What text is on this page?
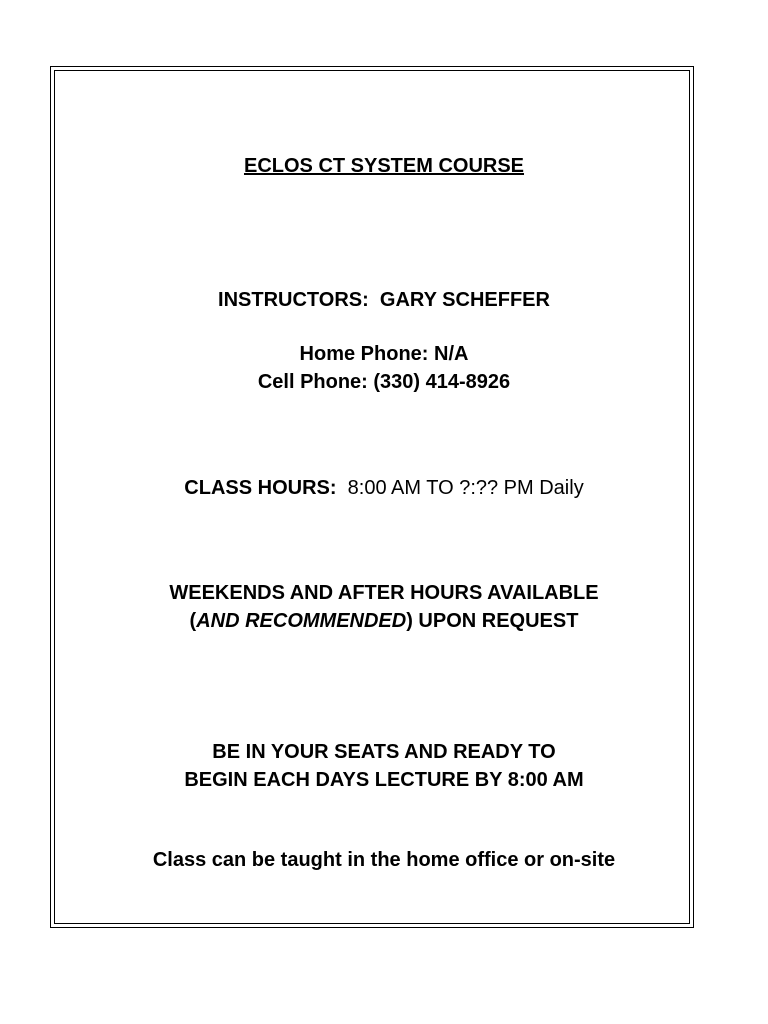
ECLOS CT SYSTEM COURSE
INSTRUCTORS: GARY SCHEFFER
Home Phone: N/A
Cell Phone: (330) 414-8926
CLASS HOURS: 8:00 AM TO ?:?? PM Daily
WEEKENDS AND AFTER HOURS AVAILABLE
(AND RECOMMENDED) UPON REQUEST
BE IN YOUR SEATS AND READY TO
BEGIN EACH DAYS LECTURE BY 8:00 AM
Class can be taught in the home office or on-site
